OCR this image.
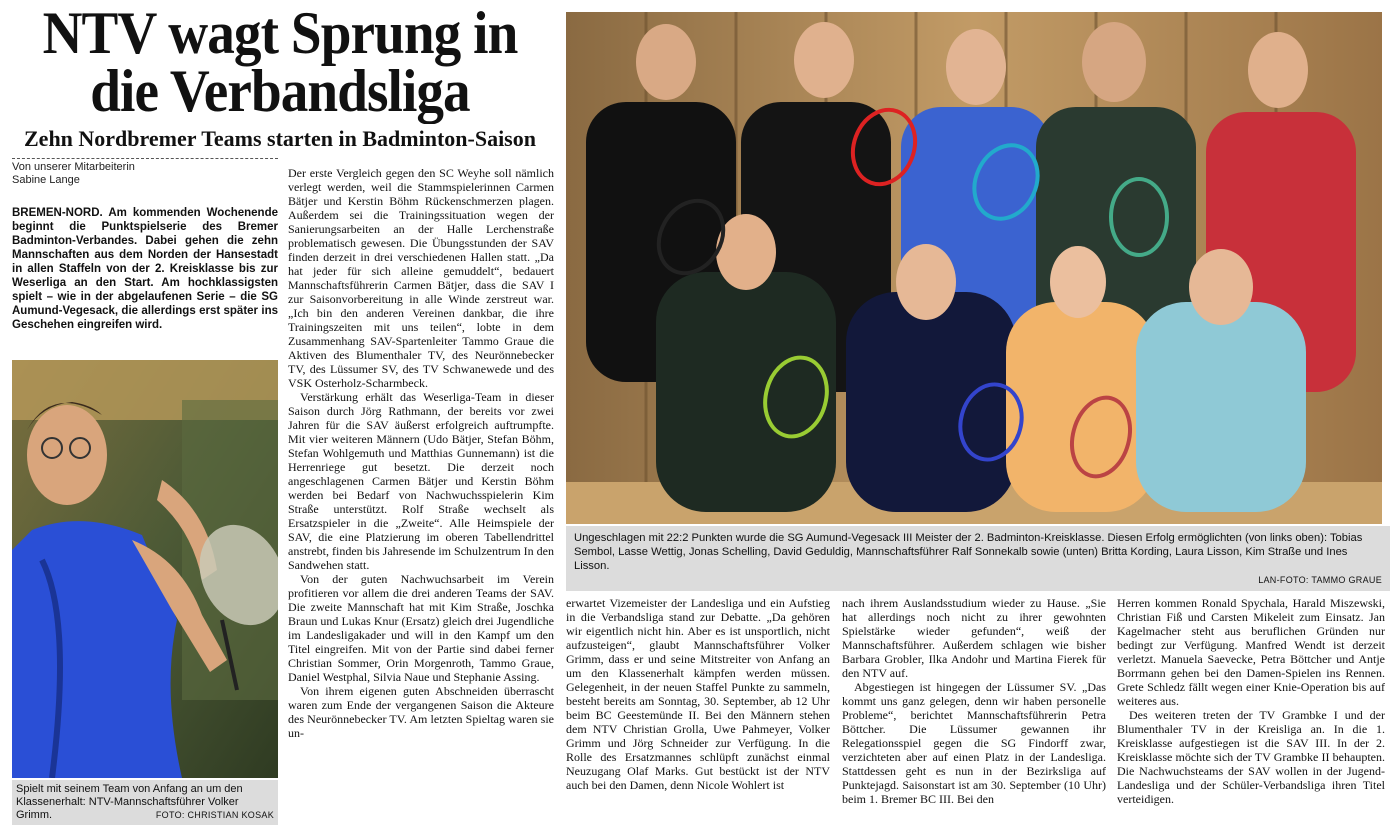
NTV wagt Sprung in die Verbandsliga
Zehn Nordbremer Teams starten in Badminton-Saison
Von unserer Mitarbeiterin
Sabine Lange
BREMEN-NORD. Am kommenden Wochenende beginnt die Punktspielserie des Bremer Badminton-Verbandes. Dabei gehen die zehn Mannschaften aus dem Norden der Hansestadt in allen Staffeln von der 2. Kreisklasse bis zur Weserliga an den Start. Am hochklassigsten spielt – wie in der abgelaufenen Serie – die SG Aumund-Vegesack, die allerdings erst später ins Geschehen eingreifen wird.
Spielt mit seinem Team von Anfang an um den Klassenerhalt: NTV-Mannschaftsführer Volker Grimm.	FOTO: CHRISTIAN KOSAK

Der erste Vergleich gegen den SC Weyhe soll nämlich verlegt werden, weil die Stammspielerinnen Carmen Bätjer und Kerstin Böhm Rückenschmerzen plagen. Außerdem sei die Trainingssituation wegen der Sanierungsarbeiten an der Halle Lerchenstraße problematisch gewesen. Die Übungsstunden der SAV finden derzeit in drei verschiedenen Hallen statt. „Da hat jeder für sich alleine gemuddelt“, bedauert Mannschaftsführerin Carmen Bätjer, dass die SAV I zur Saisonvorbereitung in alle Winde zerstreut war. „Ich bin den anderen Vereinen dankbar, die ihre Trainingszeiten mit uns teilen“, lobte in dem Zusammenhang SAV-Spartenleiter Tammo Graue die Aktiven des Blumenthaler TV, des Neurönnebecker TV, des Lüssumer SV, des TV Schwanewede und des VSK Osterholz-Scharmbeck.

Verstärkung erhält das Weserliga-Team in dieser Saison durch Jörg Rathmann, der bereits vor zwei Jahren für die SAV äußerst erfolgreich auftrumpfte. Mit vier weiteren Männern (Udo Bätjer, Stefan Böhm, Stefan Wohlgemuth und Matthias Gunnemann) ist die Herrenriege gut besetzt. Die derzeit noch angeschlagenen Carmen Bätjer und Kerstin Böhm werden bei Bedarf von Nachwuchsspielerin Kim Straße unterstützt. Rolf Straße wechselt als Ersatzspieler in die „Zweite“. Alle Heimspiele der SAV, die eine Platzierung im oberen Tabellendrittel anstrebt, finden bis Jahresende im Schulzentrum In den Sandwehen statt.

Von der guten Nachwuchsarbeit im Verein profitieren vor allem die drei anderen Teams der SAV. Die zweite Mannschaft hat mit Kim Straße, Joschka Braun und Lukas Knur (Ersatz) gleich drei Jugendliche im Landesligakader und will in den Kampf um den Titel eingreifen. Mit von der Partie sind dabei ferner Christian Sommer, Orin Morgenroth, Tammo Graue, Daniel Westphal, Silvia Naue und Stephanie Assing.

Von ihrem eigenen guten Abschneiden überrascht waren zum Ende der vergangenen Saison die Akteure des Neurönnebecker TV. Am letzten Spieltag waren sie un-

Ungeschlagen mit 22:2 Punkten wurde die SG Aumund-Vegesack III Meister der 2. Badminton-Kreisklasse. Diesen Erfolg ermöglichten (von links oben): Tobias Sembol, Lasse Wettig, Jonas Schelling, David Geduldig, Mannschaftsführer Ralf Sonnekalb sowie (unten) Britta Kording, Laura Lisson, Kim Straße und Ines Lisson.
LAN-FOTO: TAMMO GRAUE

erwartet Vizemeister der Landesliga und ein Aufstieg in die Verbandsliga stand zur Debatte. „Da gehören wir eigentlich nicht hin. Aber es ist unsportlich, nicht aufzusteigen“, glaubt Mannschaftsführer Volker Grimm, dass er und seine Mitstreiter von Anfang an um den Klassenerhalt kämpfen werden müssen. Gelegenheit, in der neuen Staffel Punkte zu sammeln, besteht bereits am Sonntag, 30. September, ab 12 Uhr beim BC Geestemünde II. Bei den Männern stehen dem NTV Christian Grolla, Uwe Pahmeyer, Volker Grimm und Jörg Schneider zur Verfügung. In die Rolle des Ersatzmannes schlüpft zunächst einmal Neuzugang Olaf Marks. Gut bestückt ist der NTV auch bei den Damen, denn Nicole Wohlert ist

nach ihrem Auslandsstudium wieder zu Hause. „Sie hat allerdings noch nicht zu ihrer gewohnten Spielstärke wieder gefunden“, weiß der Mannschaftsführer. Außerdem schlagen wie bisher Barbara Grobler, Ilka Andohr und Martina Fierek für den NTV auf.

Abgestiegen ist hingegen der Lüssumer SV. „Das kommt uns ganz gelegen, denn wir haben personelle Probleme“, berichtet Mannschaftsführerin Petra Böttcher. Die Lüssumer gewannen ihr Relegationsspiel gegen die SG Findorff zwar, verzichteten aber auf einen Platz in der Landesliga. Stattdessen geht es nun in der Bezirksliga auf Punktejagd. Saisonstart ist am 30. September (10 Uhr) beim 1. Bremer BC III. Bei den

Herren kommen Ronald Spychala, Harald Miszewski, Christian Fiß und Carsten Mikeleit zum Einsatz. Jan Kagelmacher steht aus beruflichen Gründen nur bedingt zur Verfügung. Manfred Wendt ist derzeit verletzt. Manuela Saevecke, Petra Böttcher und Antje Borrmann gehen bei den Damen-Spielen ins Rennen. Grete Schledz fällt wegen einer Knie-Operation bis auf weiteres aus.

Des weiteren treten der TV Grambke I und der Blumenthaler TV in der Kreisliga an. In die 1. Kreisklasse aufgestiegen ist die SAV III. In der 2. Kreisklasse möchte sich der TV Grambke II behaupten. Die Nachwuchsteams der SAV wollen in der Jugend-Landesliga und der Schüler-Verbandsliga ihren Titel verteidigen.
